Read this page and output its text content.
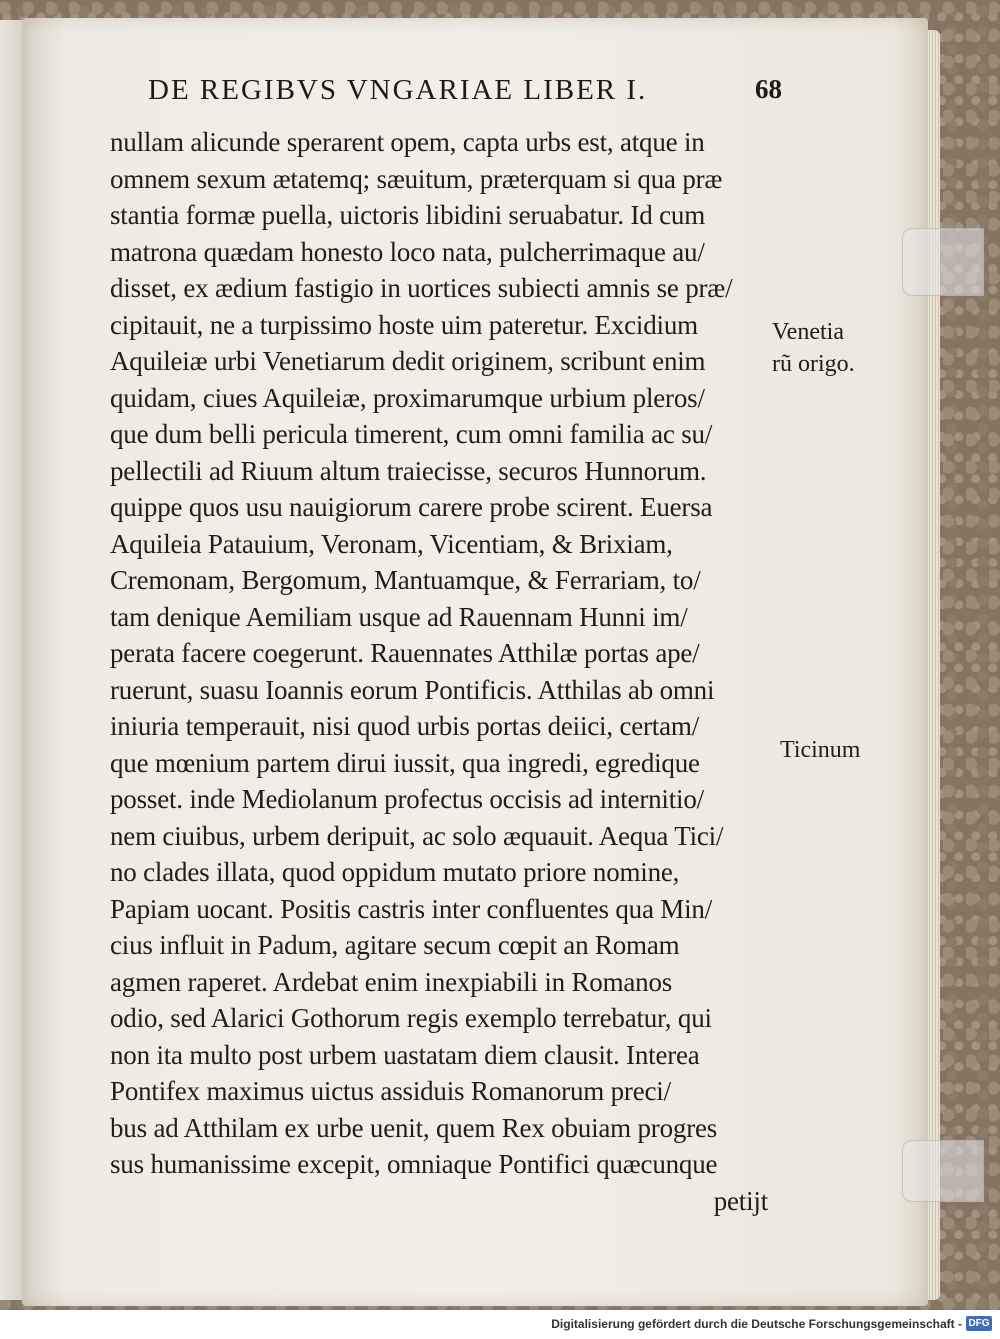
DE REGIBVS VNGARIAE LIBER I.	68
nullam alicunde sperarent opem, capta urbs est, atque in
omnem sexum ætatemq; sæuitum, præterquam si qua præ
stantia formæ puella, uictoris libidini seruabatur. Id cum
matrona quædam honesto loco nata, pulcherrimaque au/
disset, ex ædium fastigio in uortices subiecti amnis se præ/
cipitauit, ne a turpissimo hoste uim pateretur. Excidium
Aquileiæ urbi Venetiarum dedit originem, scribunt enim
quidam, ciues Aquileiæ, proximarumque urbium pleros/
que dum belli pericula timerent, cum omni familia ac su/
pellectili ad Riuum altum traiecisse, securos Hunnorum.
quippe quos usu nauigiorum carere probe scirent. Euersa
Aquileia Patauium, Veronam, Vicentiam, & Brixiam,
Cremonam, Bergomum, Mantuamque, & Ferrariam, to/
tam denique Aemiliam usque ad Rauennam Hunni im/
perata facere coegerunt. Rauennates Atthilæ portas ape/
ruerunt, suasu Ioannis eorum Pontificis. Atthilas ab omni
iniuria temperauit, nisi quod urbis portas deiici, certam/
que mœnium partem dirui iussit, qua ingredi, egredique
posset. inde Mediolanum profectus occisis ad internitio/
nem ciuibus, urbem deripuit, ac solo æquauit. Aequa Tici/
no clades illata, quod oppidum mutato priore nomine,
Papiam uocant. Positis castris inter confluentes qua Min/
cius influit in Padum, agitare secum cœpit an Romam
agmen raperet. Ardebat enim inexpiabili in Romanos
odio, sed Alarici Gothorum regis exemplo terrebatur, qui
non ita multo post urbem uastatam diem clausit. Interea
Pontifex maximus uictus assiduis Romanorum preci/
bus ad Atthilam ex urbe uenit, quem Rex obuiam progres
sus humanissime excepit, omniaque Pontifici quæcunque
petijt
Venetia
rũ origo.
Ticinum
Digitalisierung gefördert durch die Deutsche Forschungsgemeinschaft - DFG
